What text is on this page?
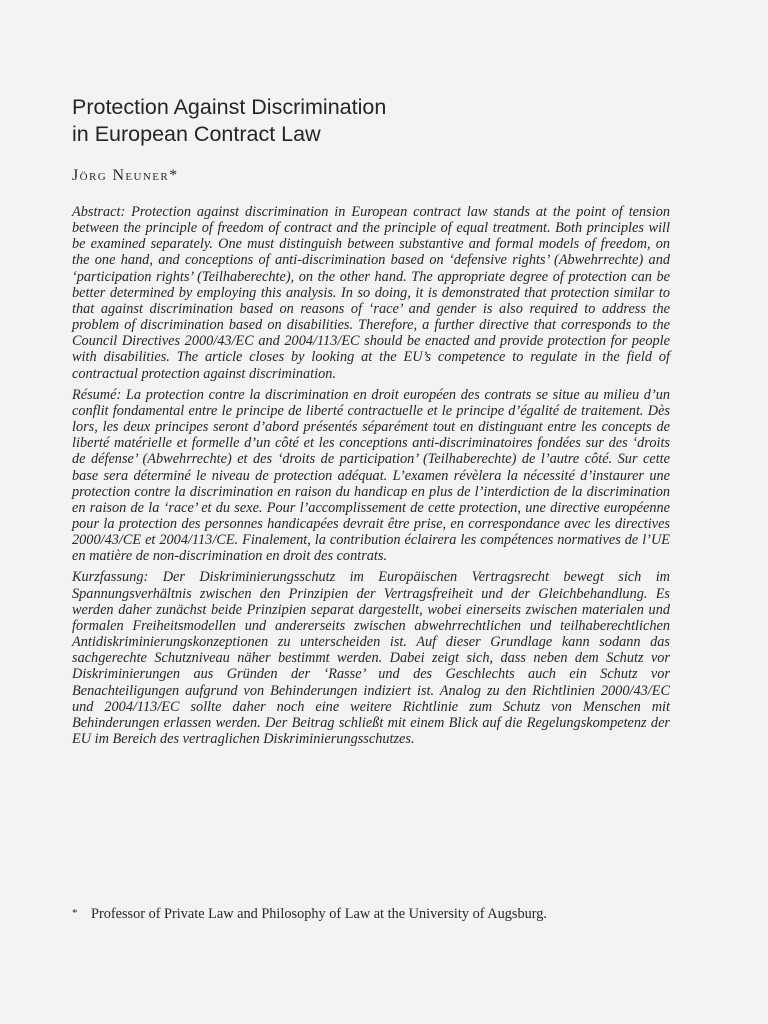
Protection Against Discrimination
in European Contract Law
Jörg Neuner*

Abstract: Protection against discrimination in European contract law stands at the point of tension between the principle of freedom of contract and the principle of equal treatment. Both principles will be examined separately. One must distinguish between substantive and formal models of freedom, on the one hand, and conceptions of anti-discrimination based on ‘defensive rights’ (Abwehrrechte) and ‘participation rights’ (Teilhaberechte), on the other hand. The appropriate degree of protection can be better determined by employing this analysis. In so doing, it is demonstrated that protection similar to that against discrimination based on reasons of ‘race’ and gender is also required to address the problem of discrimination based on disabilities. Therefore, a further directive that corresponds to the Council Directives 2000/43/EC and 2004/113/EC should be enacted and provide protection for people with disabilities. The article closes by looking at the EU’s competence to regulate in the field of contractual protection against discrimination.

Résumé: La protection contre la discrimination en droit européen des contrats se situe au milieu d’un conflit fondamental entre le principe de liberté contractuelle et le principe d’égalité de traitement. Dès lors, les deux principes seront d’abord présentés séparément tout en distinguant entre les concepts de liberté matérielle et formelle d’un côté et les conceptions anti-discriminatoires fondées sur des ‘droits de défense’ (Abwehrrechte) et des ‘droits de participation’ (Teilhaberechte) de l’autre côté. Sur cette base sera déterminé le niveau de protection adéquat. L’examen révèlera la nécessité d’instaurer une protection contre la discrimination en raison du handicap en plus de l’interdiction de la discrimination en raison de la ‘race’ et du sexe. Pour l’accomplissement de cette protection, une directive européenne pour la protection des personnes handicapées devrait être prise, en correspondance avec les directives 2000/43/CE et 2004/113/CE. Finalement, la contribution éclairera les compétences normatives de l’UE en matière de non-discrimination en droit des contrats.

Kurzfassung: Der Diskriminierungsschutz im Europäischen Vertragsrecht bewegt sich im Spannungsverhältnis zwischen den Prinzipien der Vertragsfreiheit und der Gleichbehandlung. Es werden daher zunächst beide Prinzipien separat dargestellt, wobei einerseits zwischen materialen und formalen Freiheitsmodellen und andererseits zwischen abwehrrechtlichen und teilhaberechtlichen Antidiskriminierungskonzeptionen zu unterscheiden ist. Auf dieser Grundlage kann sodann das sachgerechte Schutzniveau näher bestimmt werden. Dabei zeigt sich, dass neben dem Schutz vor Diskriminierungen aus Gründen der ‘Rasse’ und des Geschlechts auch ein Schutz vor Benachteiligungen aufgrund von Behinderungen indiziert ist. Analog zu den Richtlinien 2000/43/EC und 2004/113/EC sollte daher noch eine weitere Richtlinie zum Schutz von Menschen mit Behinderungen erlassen werden. Der Beitrag schließt mit einem Blick auf die Regelungskompetenz der EU im Bereich des vertraglichen Diskriminierungsschutzes.

* Professor of Private Law and Philosophy of Law at the University of Augsburg.
